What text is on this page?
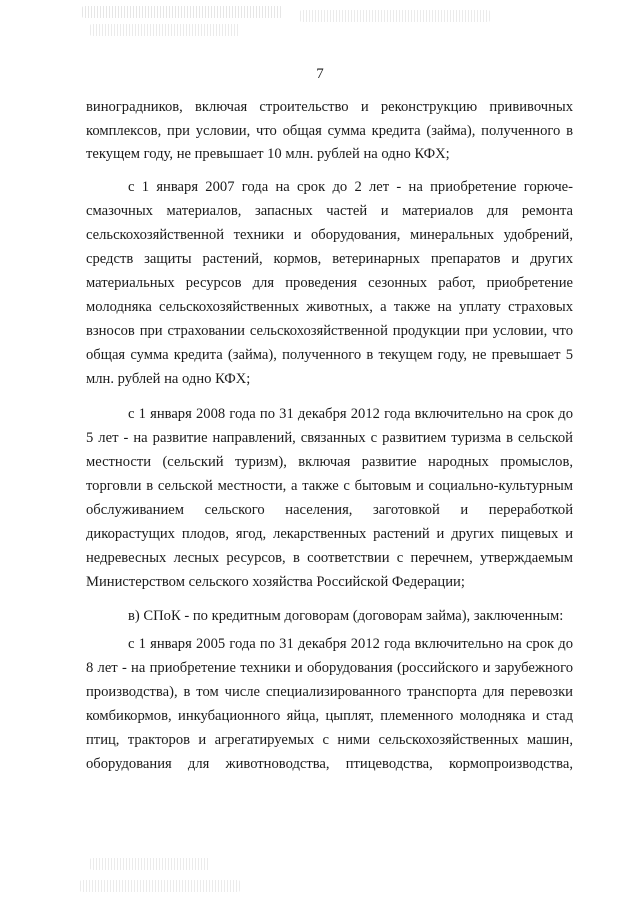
7
виноградников, включая строительство и реконструкцию прививочных
комплексов, при условии, что общая сумма кредита (займа), полученного в
текущем году, не превышает 10 млн. рублей на одно КФХ;
с 1 января 2007 года на срок до 2 лет - на приобретение горюче-
смазочных материалов, запасных частей и материалов для ремонта
сельскохозяйственной техники и оборудования, минеральных удобрений,
средств защиты растений, кормов, ветеринарных препаратов и других
материальных ресурсов для проведения сезонных работ, приобретение
молодняка сельскохозяйственных животных, а также на уплату страховых
взносов при страховании сельскохозяйственной продукции при условии, что
общая сумма кредита (займа), полученного в текущем году, не превышает 5
млн. рублей на одно КФХ;
с 1 января 2008 года по 31 декабря 2012 года включительно на срок до
5 лет - на развитие направлений, связанных с развитием туризма в сельской
местности (сельский туризм), включая развитие народных промыслов,
торговли в сельской местности, а также с бытовым и социально-культурным
обслуживанием сельского населения, заготовкой и переработкой
дикорастущих плодов, ягод, лекарственных растений и других пищевых и
недревесных лесных ресурсов, в соответствии с перечнем, утверждаемым
Министерством сельского хозяйства Российской Федерации;
в) СПоК - по кредитным договорам (договорам займа), заключенным:
с 1 января 2005 года по 31 декабря 2012 года включительно на срок до
8 лет - на приобретение техники и оборудования (российского и зарубежного
производства), в том числе специализированного транспорта для перевозки
комбикормов, инкубационного яйца, цыплят, племенного молодняка и стад
птиц, тракторов и агрегатируемых с ними сельскохозяйственных машин,
оборудования для животноводства, птицеводства, кормопроизводства,
